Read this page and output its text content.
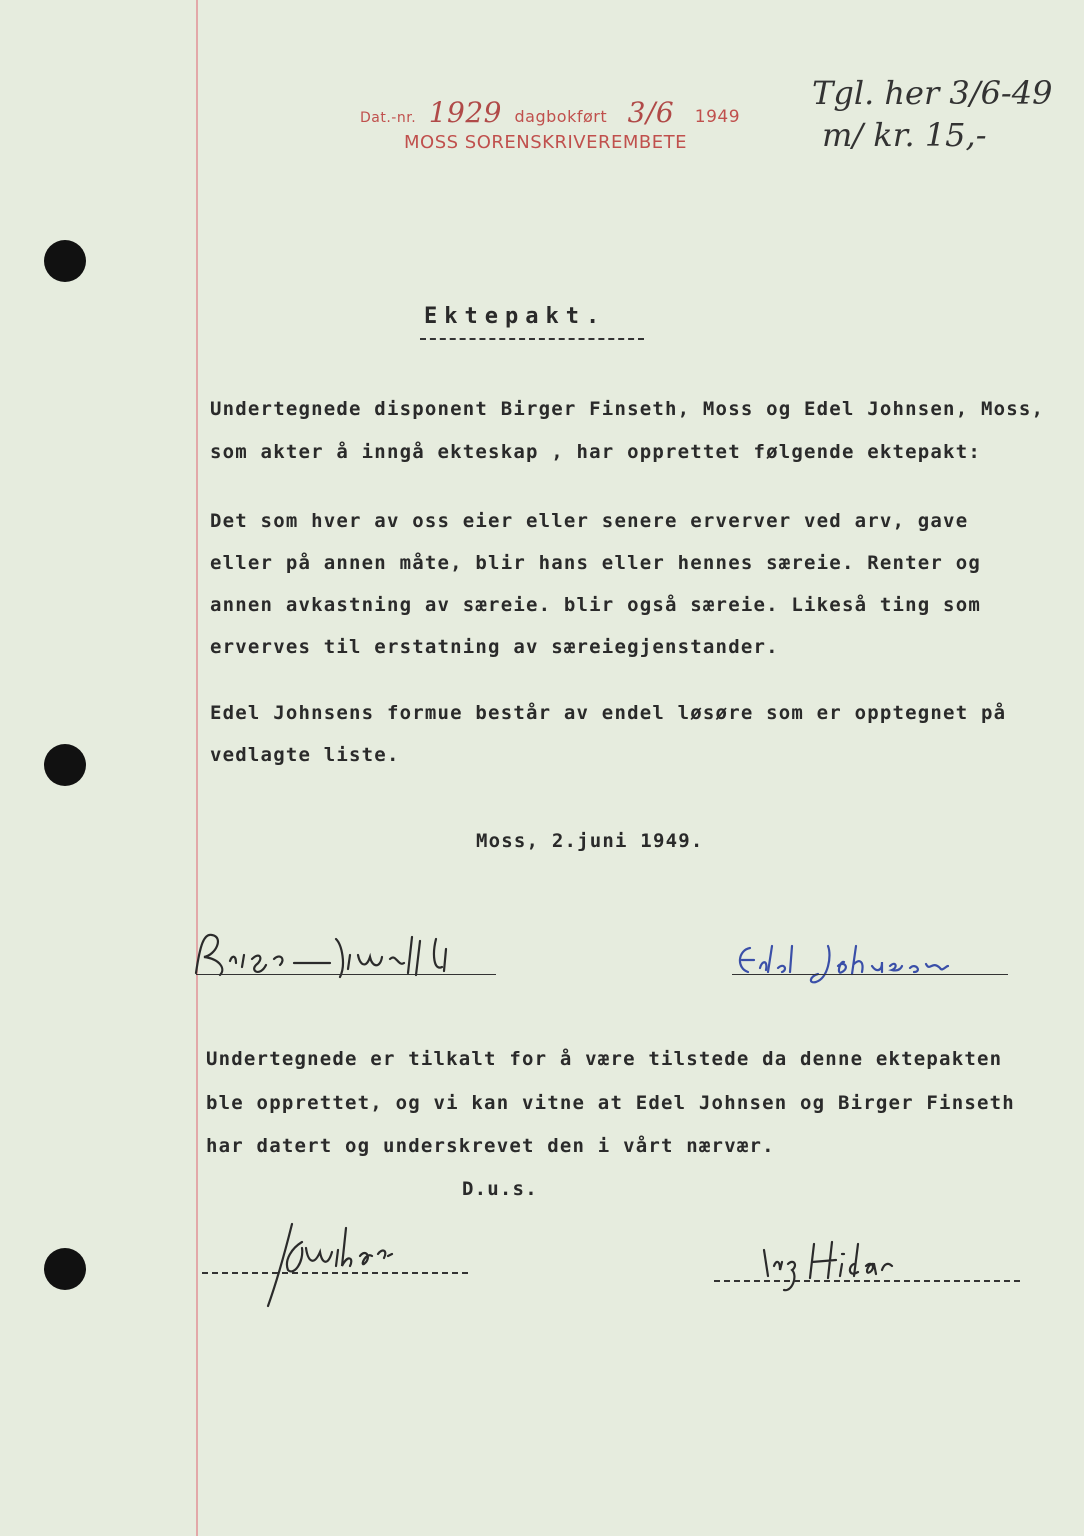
Dat.-nr. 1929 dagbokført 3/6 1949
MOSS SORENSKRIVEREMBETE
Tgl. her 3/6-49
m/ kr. 15,-
Ektepakt.
Undertegnede disponent Birger Finseth, Moss og Edel Johnsen, Moss,
som akter å inngå ekteskap , har opprettet følgende ektepakt:
Det som hver av oss eier eller senere erverver ved arv, gave
eller på annen måte, blir hans eller hennes særeie. Renter og
annen avkastning av særeie. blir også særeie. Likeså ting som
erverves til erstatning av særeiegjenstander.
Edel Johnsens formue består av endel løsøre som er opptegnet på
vedlagte liste.
Moss, 2.juni 1949.
Undertegnede er tilkalt for å være tilstede da denne ektepakten
ble opprettet, og vi kan vitne at Edel Johnsen og Birger Finseth
har datert og underskrevet den i vårt nærvær.
D.u.s.
